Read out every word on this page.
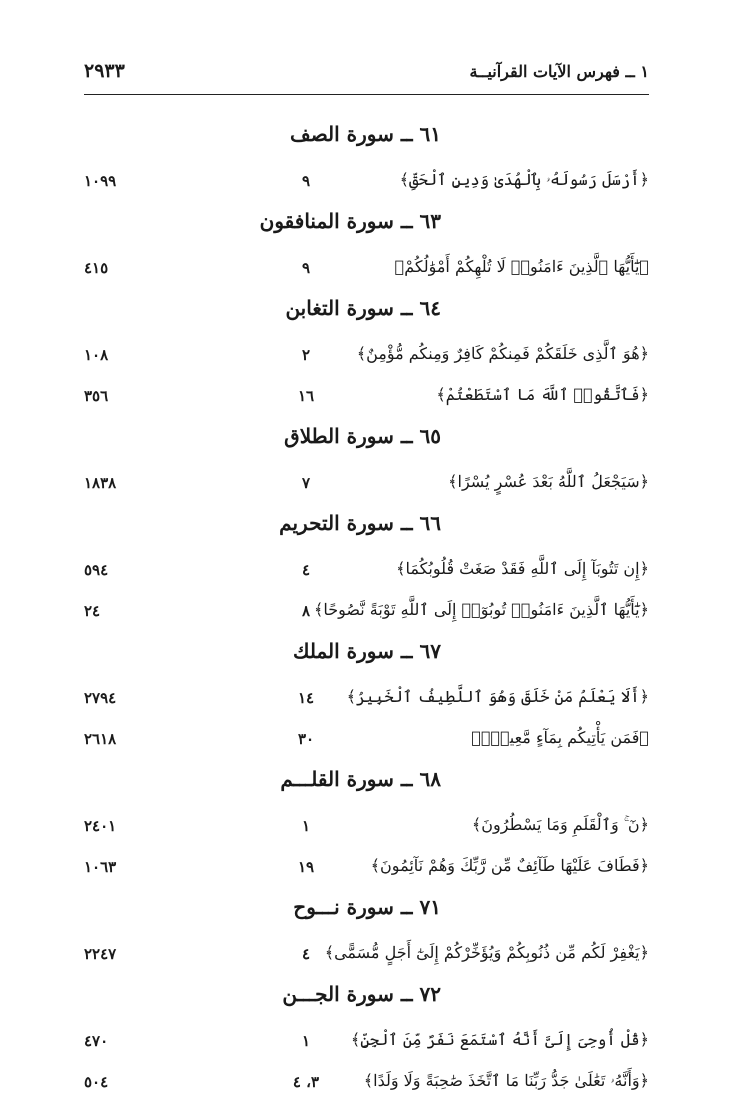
١ ــ فهرس الآيات القرآنيــة
٢٩٣٣
٦١ ــ سورة الصف
﴿أَرْسَلَ رَسُولَهُۥ بِٱلْهُدَىٰ وَدِينِ ٱلْحَقِّ﴾
٩
١٠٩٩
٦٣ ــ سورة المنافقون
﴿يَٰٓأَيُّهَا ٱلَّذِينَ ءَامَنُوا۟ لَا تُلْهِكُمْ أَمْوَٰلُكُمْ﴾
٩
٤١٥
٦٤ ــ سورة التغابن
﴿هُوَ ٱلَّذِى خَلَقَكُمْ فَمِنكُمْ كَافِرٌ وَمِنكُم مُّؤْمِنٌ﴾
٢
١٠٨
﴿فَٱتَّقُوا۟ ٱللَّهَ مَا ٱسْتَطَعْتُمْ﴾
١٦
٣٥٦
٦٥ ــ سورة الطلاق
﴿سَيَجْعَلُ ٱللَّهُ بَعْدَ عُسْرٍ يُسْرًا﴾
٧
١٨٣٨
٦٦ ــ سورة التحريم
﴿إِن تَتُوبَآ إِلَى ٱللَّهِ فَقَدْ صَغَتْ قُلُوبُكُمَا﴾
٤
٥٩٤
﴿يَٰٓأَيُّهَا ٱلَّذِينَ ءَامَنُوا۟ تُوبُوٓا۟ إِلَى ٱللَّهِ تَوْبَةً نَّصُوحًا﴾
٨
٢٤
٦٧ ــ سورة الملك
﴿أَلَا يَعْلَمُ مَنْ خَلَقَ وَهُوَ ٱللَّطِيفُ ٱلْخَبِيرُ﴾
١٤
٢٧٩٤
﴿فَمَن يَأْتِيكُم بِمَآءٍ مَّعِينٍۭ﴾
٣٠
٢٦١٨
٦٨ ــ سورة القلـــم
﴿نٓ ۚ وَٱلْقَلَمِ وَمَا يَسْطُرُونَ﴾
١
٢٤٠١
﴿فَطَافَ عَلَيْهَا طَآئِفٌ مِّن رَّبِّكَ وَهُمْ نَآئِمُونَ﴾
١٩
١٠٦٣
٧١ ــ سورة نـــوح
﴿يَغْفِرْ لَكُم مِّن ذُنُوبِكُمْ وَيُؤَخِّرْكُمْ إِلَىٰٓ أَجَلٍ مُّسَمًّى﴾
٤
٢٢٤٧
٧٢ ــ سورة الجـــن
﴿قُلْ أُوحِىَ إِلَىَّ أَنَّهُ ٱسْتَمَعَ نَفَرٌ مِّنَ ٱلْجِنِّ﴾
١
٤٧٠
﴿وَأَنَّهُۥ تَعَٰلَىٰ جَدُّ رَبِّنَا مَا ٱتَّخَذَ صَٰحِبَةً وَلَا وَلَدًا﴾
٣، ٤
٥٠٤
